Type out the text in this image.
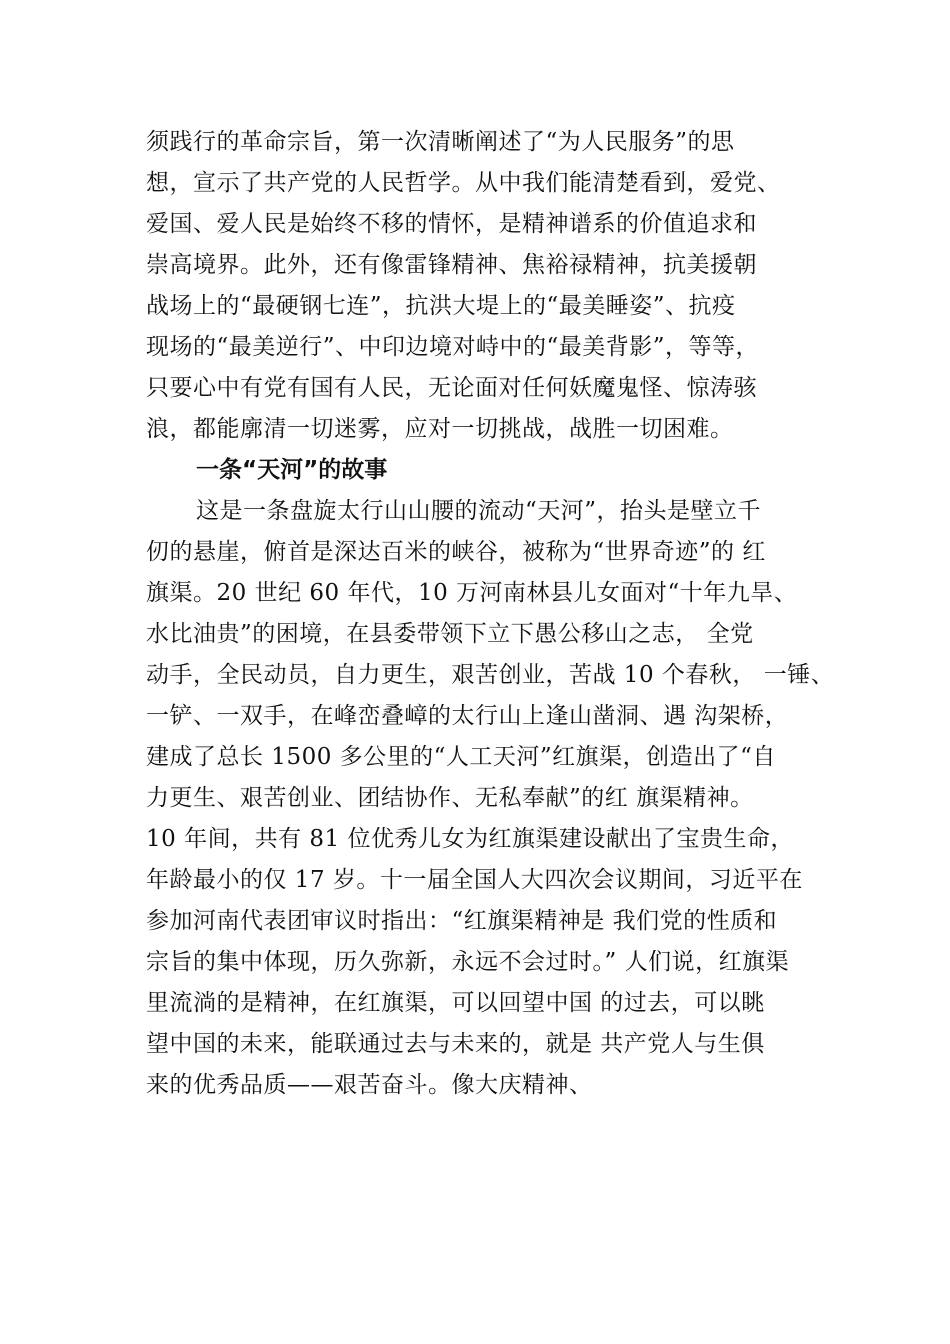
须践行的革命宗旨，第一次清晰阐述了“为人民服务”的思
想，宣示了共产党的人民哲学。从中我们能清楚看到，爱党、
爱国、爱人民是始终不移的情怀，是精神谱系的价值追求和
崇高境界。此外，还有像雷锋精神、焦裕禄精神，抗美援朝
战场上的“最硬钢七连”，抗洪大堤上的“最美睡姿”、抗疫
现场的“最美逆行”、中印边境对峙中的“最美背影”，等等，
只要心中有党有国有人民，无论面对任何妖魔鬼怪、惊涛骇
浪，都能廓清一切迷雾，应对一切挑战，战胜一切困难。
一条“天河”的故事
这是一条盘旋太行山山腰的流动“天河”，抬头是壁立千
仞的悬崖，俯首是深达百米的峡谷，被称为“世界奇迹”的 红
旗渠。20 世纪 60 年代，10 万河南林县儿女面对“十年九旱、
水比油贵”的困境，在县委带领下立下愚公移山之志， 全党
动手，全民动员，自力更生，艰苦创业，苦战 10 个春秋， 一锤、
一铲、一双手，在峰峦叠嶂的太行山上逢山凿洞、遇 沟架桥，
建成了总长 1500 多公里的“人工天河”红旗渠，创造出了“自
力更生、艰苦创业、团结协作、无私奉献”的红 旗渠精神。
10 年间，共有 81 位优秀儿女为红旗渠建设献出了宝贵生命，
年龄最小的仅 17 岁。十一届全国人大四次会议期间，习近平在
参加河南代表团审议时指出：“红旗渠精神是 我们党的性质和
宗旨的集中体现，历久弥新，永远不会过时。” 人们说，红旗渠
里流淌的是精神，在红旗渠，可以回望中国 的过去，可以眺
望中国的未来，能联通过去与未来的，就是 共产党人与生俱
来的优秀品质——艰苦奋斗。像大庆精神、
